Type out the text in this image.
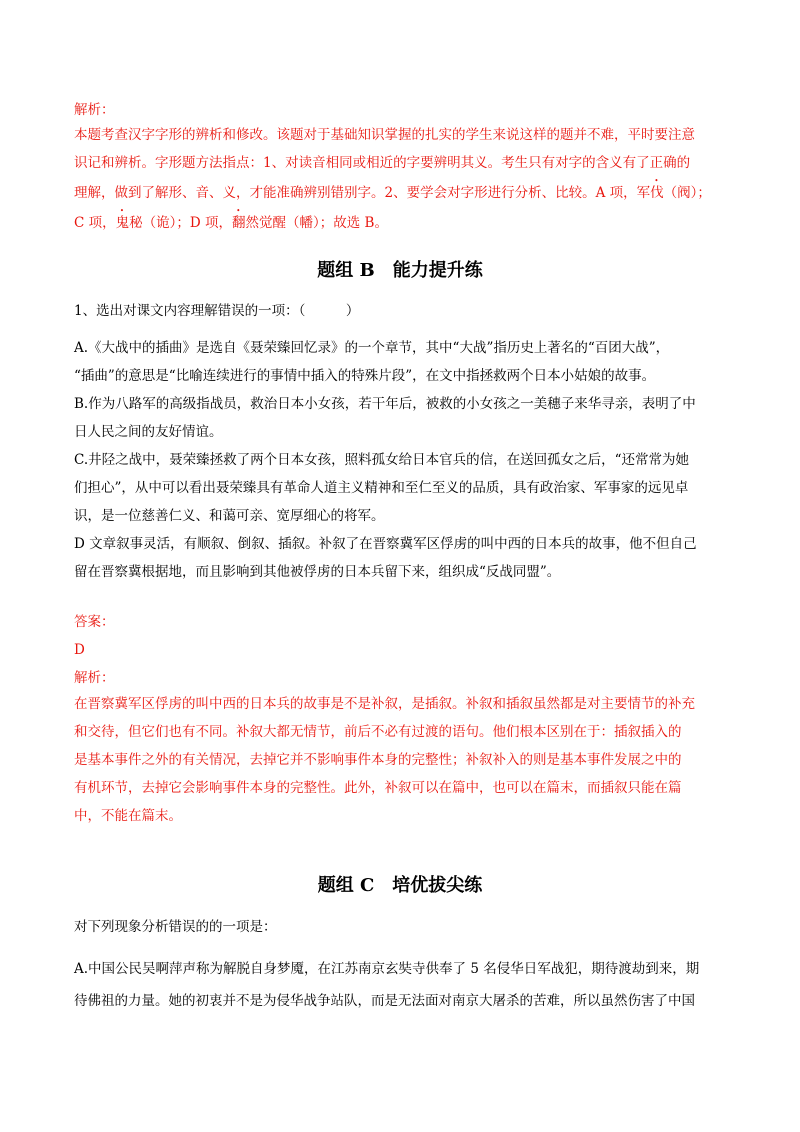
解析：

本题考查汉字字形的辨析和修改。该题对于基础知识掌握的扎实的学生来说这样的题并不难，平时要注意

识记和辨析。字形题方法指点：1、对读音相同或相近的字要辨明其义。考生只有对字的含义有了正确的

理解，做到了解形、音、义，才能准确辨别错别字。2、要学会对字形进行分析、比较。A 项，军伐（阀）；

C 项，鬼秘（诡）；D 项，翻然觉醒（幡）；故选 B。

题组 B　能力提升练

1、选出对课文内容理解错误的一项：（　　　）

A.《大战中的插曲》是选自《聂荣臻回忆录》的一个章节，其中“大战”指历史上著名的“百团大战”，

“插曲”的意思是“比喻连续进行的事情中插入的特殊片段”，在文中指拯救两个日本小姑娘的故事。

B.作为八路军的高级指战员，救治日本小女孩，若干年后，被救的小女孩之一美穗子来华寻亲，表明了中

日人民之间的友好情谊。

C.井陉之战中，聂荣臻拯救了两个日本女孩，照料孤女给日本官兵的信，在送回孤女之后，“还常常为她

们担心”，从中可以看出聂荣臻具有革命人道主义精神和至仁至义的品质，具有政治家、军事家的远见卓

识，是一位慈善仁义、和蔼可亲、宽厚细心的将军。

D 文章叙事灵活，有顺叙、倒叙、插叙。补叙了在晋察冀军区俘虏的叫中西的日本兵的故事，他不但自己

留在晋察冀根据地，而且影响到其他被俘虏的日本兵留下来，组织成“反战同盟”。

答案：

D

解析：

在晋察冀军区俘虏的叫中西的日本兵的故事是不是补叙，是插叙。补叙和插叙虽然都是对主要情节的补充

和交待，但它们也有不同。补叙大都无情节，前后不必有过渡的语句。他们根本区别在于：插叙插入的

是基本事件之外的有关情况，去掉它并不影响事件本身的完整性；补叙补入的则是基本事件发展之中的

有机环节，去掉它会影响事件本身的完整性。此外，补叙可以在篇中，也可以在篇末，而插叙只能在篇

中，不能在篇末。

题组 C　培优拔尖练

对下列现象分析错误的的一项是：

A.中国公民吴啊萍声称为解脱自身梦魇，在江苏南京玄奘寺供奉了 5 名侵华日军战犯，期待渡劫到来，期

待佛祖的力量。她的初衷并不是为侵华战争站队，而是无法面对南京大屠杀的苦难，所以虽然伤害了中国
